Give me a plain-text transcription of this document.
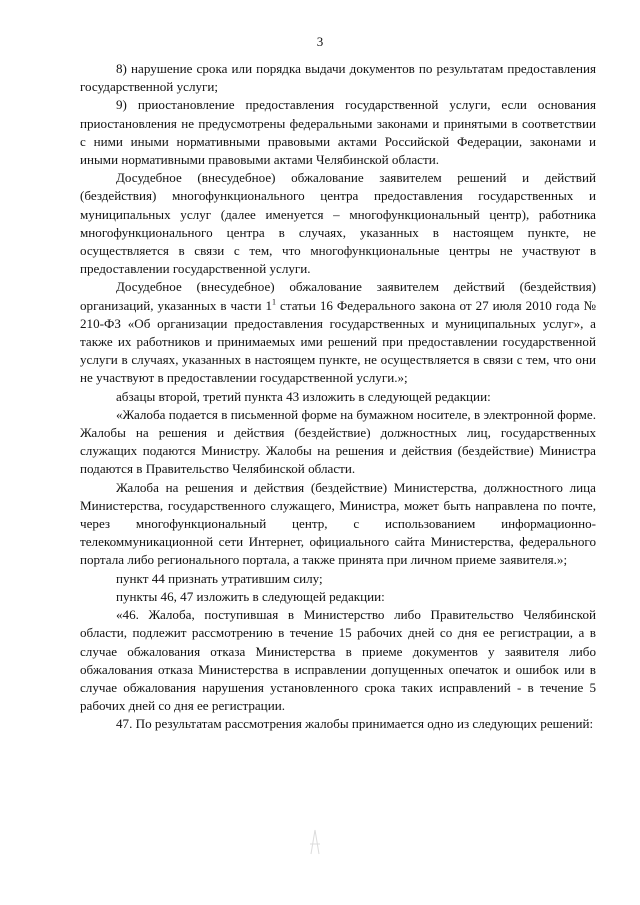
3

8) нарушение срока или порядка выдачи документов по результатам предоставления государственной услуги;

9) приостановление предоставления государственной услуги, если основания приостановления не предусмотрены федеральными законами и принятыми в соответствии с ними иными нормативными правовыми актами Российской Федерации, законами и иными нормативными правовыми актами Челябинской области.

Досудебное (внесудебное) обжалование заявителем решений и действий (бездействия) многофункционального центра предоставления государственных и муниципальных услуг (далее именуется – многофункциональный центр), работника многофункционального центра в случаях, указанных в настоящем пункте, не осуществляется в связи с тем, что многофункциональные центры не участвуют в предоставлении государственной услуги.

Досудебное (внесудебное) обжалование заявителем действий (бездействия) организаций, указанных в части $1^1$ статьи 16 Федерального закона от 27 июля 2010 года № 210-ФЗ «Об организации предоставления государственных и муниципальных услуг», а также их работников и принимаемых ими решений при предоставлении государственной услуги в случаях, указанных в настоящем пункте, не осуществляется в связи с тем, что они не участвуют в предоставлении государственной услуги.»;

абзацы второй, третий пункта 43 изложить в следующей редакции:

«Жалоба подается в письменной форме на бумажном носителе, в электронной форме. Жалобы на решения и действия (бездействие) должностных лиц, государственных служащих подаются Министру. Жалобы на решения и действия (бездействие) Министра подаются в Правительство Челябинской области.

Жалоба на решения и действия (бездействие) Министерства, должностного лица Министерства, государственного служащего, Министра, может быть направлена по почте, через многофункциональный центр, с использованием информационно-телекоммуникационной сети Интернет, официального сайта Министерства, федерального портала либо регионального портала, а также принята при личном приеме заявителя.»;

пункт 44 признать утратившим силу;

пункты 46, 47 изложить в следующей редакции:

«46. Жалоба, поступившая в Министерство либо Правительство Челябинской области, подлежит рассмотрению в течение 15 рабочих дней со дня ее регистрации, а в случае обжалования отказа Министерства в приеме документов у заявителя либо обжалования отказа Министерства в исправлении допущенных опечаток и ошибок или в случае обжалования нарушения установленного срока таких исправлений - в течение 5 рабочих дней со дня ее регистрации.

47. По результатам рассмотрения жалобы принимается одно из следующих решений:
